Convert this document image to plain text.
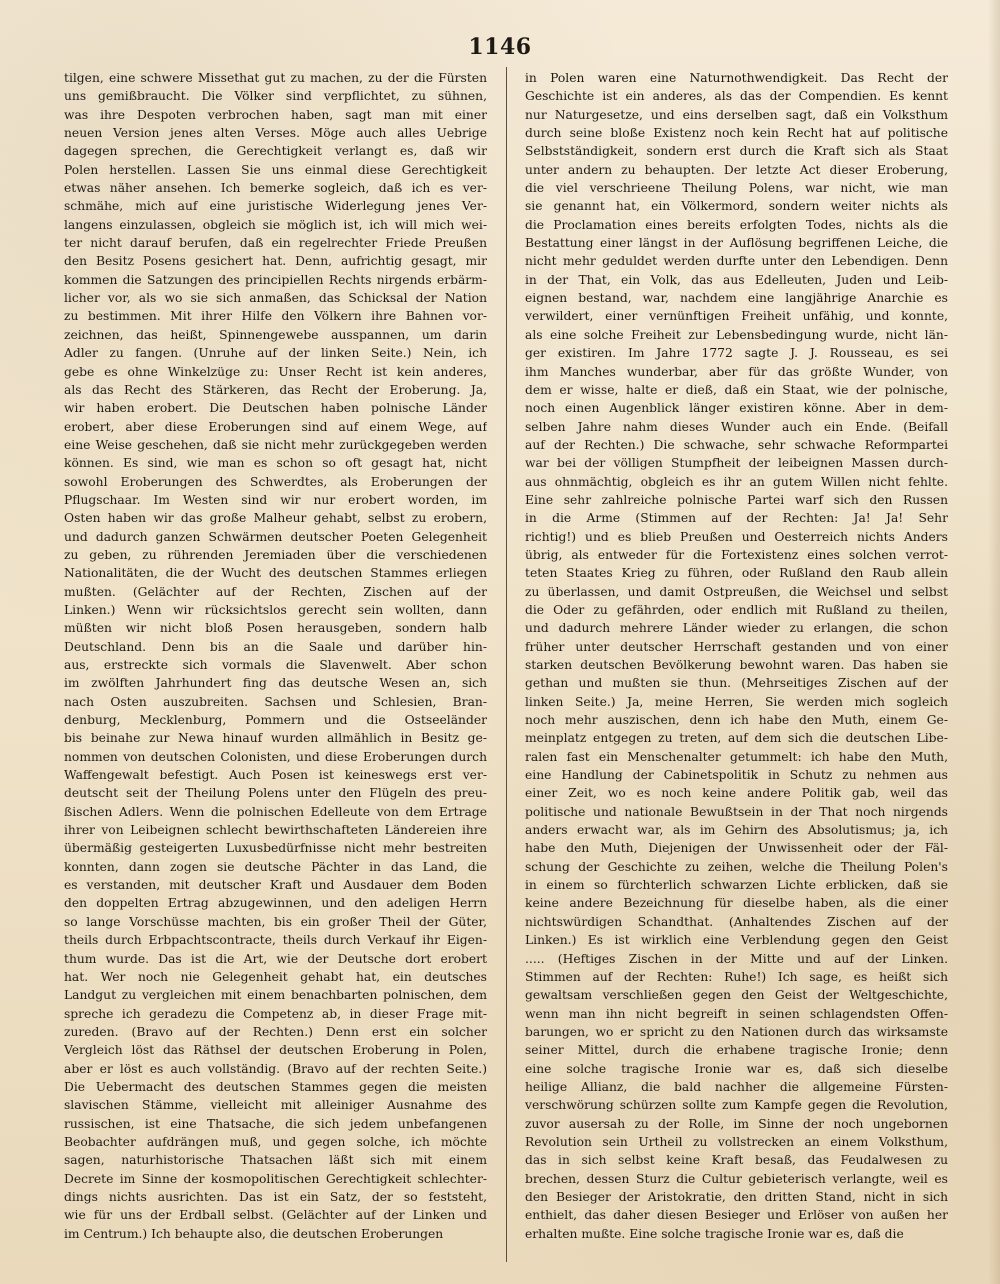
1146
tilgen, eine schwere Missethat gut zu machen, zu der die Fürsten
uns gemißbraucht. Die Völker sind verpflichtet, zu sühnen,
was ihre Despoten verbrochen haben, sagt man mit einer
neuen Version jenes alten Verses. Möge auch alles Uebrige
dagegen sprechen, die Gerechtigkeit verlangt es, daß wir
Polen herstellen. Lassen Sie uns einmal diese Gerechtigkeit
etwas näher ansehen. Ich bemerke sogleich, daß ich es ver-
schmähe, mich auf eine juristische Widerlegung jenes Ver-
langens einzulassen, obgleich sie möglich ist, ich will mich wei-
ter nicht darauf berufen, daß ein regelrechter Friede Preußen
den Besitz Posens gesichert hat. Denn, aufrichtig gesagt, mir
kommen die Satzungen des principiellen Rechts nirgends erbärm-
licher vor, als wo sie sich anmaßen, das Schicksal der Nation
zu bestimmen. Mit ihrer Hilfe den Völkern ihre Bahnen vor-
zeichnen, das heißt, Spinnengewebe ausspannen, um darin
Adler zu fangen. (Unruhe auf der linken Seite.) Nein, ich
gebe es ohne Winkelzüge zu: Unser Recht ist kein anderes,
als das Recht des Stärkeren, das Recht der Eroberung. Ja,
wir haben erobert. Die Deutschen haben polnische Länder
erobert, aber diese Eroberungen sind auf einem Wege, auf
eine Weise geschehen, daß sie nicht mehr zurückgegeben werden
können. Es sind, wie man es schon so oft gesagt hat, nicht
sowohl Eroberungen des Schwerdtes, als Eroberungen der
Pflugschaar. Im Westen sind wir nur erobert worden, im
Osten haben wir das große Malheur gehabt, selbst zu erobern,
und dadurch ganzen Schwärmen deutscher Poeten Gelegenheit
zu geben, zu rührenden Jeremiaden über die verschiedenen
Nationalitäten, die der Wucht des deutschen Stammes erliegen
mußten. (Gelächter auf der Rechten, Zischen auf der
Linken.) Wenn wir rücksichtslos gerecht sein wollten, dann
müßten wir nicht bloß Posen herausgeben, sondern halb
Deutschland. Denn bis an die Saale und darüber hin-
aus, erstreckte sich vormals die Slavenwelt. Aber schon
im zwölften Jahrhundert fing das deutsche Wesen an, sich
nach Osten auszubreiten. Sachsen und Schlesien, Bran-
denburg, Mecklenburg, Pommern und die Ostseeländer
bis beinahe zur Newa hinauf wurden allmählich in Besitz ge-
nommen von deutschen Colonisten, und diese Eroberungen durch
Waffengewalt befestigt. Auch Posen ist keineswegs erst ver-
deutscht seit der Theilung Polens unter den Flügeln des preu-
ßischen Adlers. Wenn die polnischen Edelleute von dem Ertrage
ihrer von Leibeignen schlecht bewirthschafteten Ländereien ihre
übermäßig gesteigerten Luxusbedürfnisse nicht mehr bestreiten
konnten, dann zogen sie deutsche Pächter in das Land, die
es verstanden, mit deutscher Kraft und Ausdauer dem Boden
den doppelten Ertrag abzugewinnen, und den adeligen Herrn
so lange Vorschüsse machten, bis ein großer Theil der Güter,
theils durch Erbpachtscontracte, theils durch Verkauf ihr Eigen-
thum wurde. Das ist die Art, wie der Deutsche dort erobert
hat. Wer noch nie Gelegenheit gehabt hat, ein deutsches
Landgut zu vergleichen mit einem benachbarten polnischen, dem
spreche ich geradezu die Competenz ab, in dieser Frage mit-
zureden. (Bravo auf der Rechten.) Denn erst ein solcher
Vergleich löst das Räthsel der deutschen Eroberung in Polen,
aber er löst es auch vollständig. (Bravo auf der rechten Seite.)
Die Uebermacht des deutschen Stammes gegen die meisten
slavischen Stämme, vielleicht mit alleiniger Ausnahme des
russischen, ist eine Thatsache, die sich jedem unbefangenen
Beobachter aufdrängen muß, und gegen solche, ich möchte
sagen, naturhistorische Thatsachen läßt sich mit einem
Decrete im Sinne der kosmopolitischen Gerechtigkeit schlechter-
dings nichts ausrichten. Das ist ein Satz, der so feststeht,
wie für uns der Erdball selbst. (Gelächter auf der Linken und
im Centrum.) Ich behaupte also, die deutschen Eroberungen
in Polen waren eine Naturnothwendigkeit. Das Recht der
Geschichte ist ein anderes, als das der Compendien. Es kennt
nur Naturgesetze, und eins derselben sagt, daß ein Volksthum
durch seine bloße Existenz noch kein Recht hat auf politische
Selbstständigkeit, sondern erst durch die Kraft sich als Staat
unter andern zu behaupten. Der letzte Act dieser Eroberung,
die viel verschrieene Theilung Polens, war nicht, wie man
sie genannt hat, ein Völkermord, sondern weiter nichts als
die Proclamation eines bereits erfolgten Todes, nichts als die
Bestattung einer längst in der Auflösung begriffenen Leiche, die
nicht mehr geduldet werden durfte unter den Lebendigen. Denn
in der That, ein Volk, das aus Edelleuten, Juden und Leib-
eignen bestand, war, nachdem eine langjährige Anarchie es
verwildert, einer vernünftigen Freiheit unfähig, und konnte,
als eine solche Freiheit zur Lebensbedingung wurde, nicht län-
ger existiren. Im Jahre 1772 sagte J. J. Rousseau, es sei
ihm Manches wunderbar, aber für das größte Wunder, von
dem er wisse, halte er dieß, daß ein Staat, wie der polnische,
noch einen Augenblick länger existiren könne. Aber in dem-
selben Jahre nahm dieses Wunder auch ein Ende. (Beifall
auf der Rechten.) Die schwache, sehr schwache Reformpartei
war bei der völligen Stumpfheit der leibeignen Massen durch-
aus ohnmächtig, obgleich es ihr an gutem Willen nicht fehlte.
Eine sehr zahlreiche polnische Partei warf sich den Russen
in die Arme (Stimmen auf der Rechten: Ja! Ja! Sehr
richtig!) und es blieb Preußen und Oesterreich nichts Anders
übrig, als entweder für die Fortexistenz eines solchen verrot-
teten Staates Krieg zu führen, oder Rußland den Raub allein
zu überlassen, und damit Ostpreußen, die Weichsel und selbst
die Oder zu gefährden, oder endlich mit Rußland zu theilen,
und dadurch mehrere Länder wieder zu erlangen, die schon
früher unter deutscher Herrschaft gestanden und von einer
starken deutschen Bevölkerung bewohnt waren. Das haben sie
gethan und mußten sie thun. (Mehrseitiges Zischen auf der
linken Seite.) Ja, meine Herren, Sie werden mich sogleich
noch mehr auszischen, denn ich habe den Muth, einem Ge-
meinplatz entgegen zu treten, auf dem sich die deutschen Libe-
ralen fast ein Menschenalter getummelt: ich habe den Muth,
eine Handlung der Cabinetspolitik in Schutz zu nehmen aus
einer Zeit, wo es noch keine andere Politik gab, weil das
politische und nationale Bewußtsein in der That noch nirgends
anders erwacht war, als im Gehirn des Absolutismus; ja, ich
habe den Muth, Diejenigen der Unwissenheit oder der Fäl-
schung der Geschichte zu zeihen, welche die Theilung Polen's
in einem so fürchterlich schwarzen Lichte erblicken, daß sie
keine andere Bezeichnung für dieselbe haben, als die einer
nichtswürdigen Schandthat. (Anhaltendes Zischen auf der
Linken.) Es ist wirklich eine Verblendung gegen den Geist
..... (Heftiges Zischen in der Mitte und auf der Linken.
Stimmen auf der Rechten: Ruhe!) Ich sage, es heißt sich
gewaltsam verschließen gegen den Geist der Weltgeschichte,
wenn man ihn nicht begreift in seinen schlagendsten Offen-
barungen, wo er spricht zu den Nationen durch das wirksamste
seiner Mittel, durch die erhabene tragische Ironie; denn
eine solche tragische Ironie war es, daß sich dieselbe
heilige Allianz, die bald nachher die allgemeine Fürsten-
verschwörung schürzen sollte zum Kampfe gegen die Revolution,
zuvor ausersah zu der Rolle, im Sinne der noch ungebornen
Revolution sein Urtheil zu vollstrecken an einem Volksthum,
das in sich selbst keine Kraft besaß, das Feudalwesen zu
brechen, dessen Sturz die Cultur gebieterisch verlangte, weil es
den Besieger der Aristokratie, den dritten Stand, nicht in sich
enthielt, das daher diesen Besieger und Erlöser von außen her
erhalten mußte. Eine solche tragische Ironie war es, daß die
